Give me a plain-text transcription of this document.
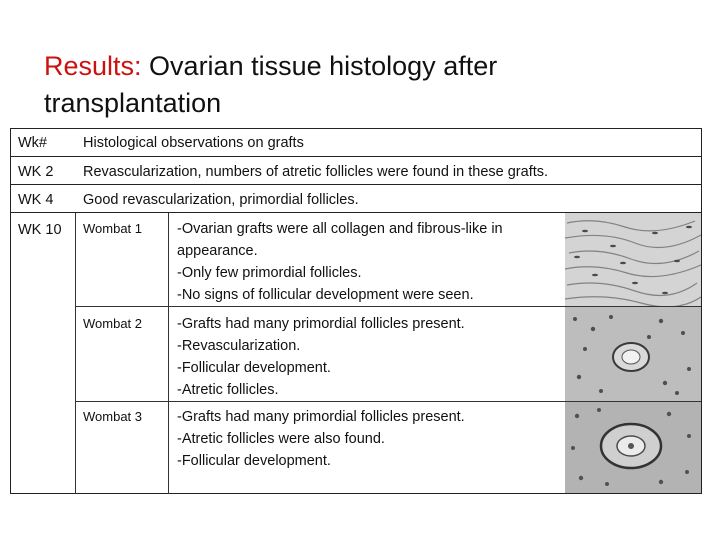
Results: Ovarian tissue histology after transplantation
Wk# Histological observations on grafts
WK 2 Revascularization, numbers of atretic follicles were found in these grafts.
WK 4 Good revascularization, primordial follicles.
WK 10 Wombat 1 -Ovarian grafts were all collagen and fibrous-like in appearance.
-Only few primordial follicles.
-No signs of follicular development were seen.
Wombat 2 -Grafts had many primordial follicles present.
-Revascularization.
-Follicular development.
-Atretic follicles.
Wombat 3 -Grafts had many primordial follicles present.
-Atretic follicles were also found.
-Follicular development.
